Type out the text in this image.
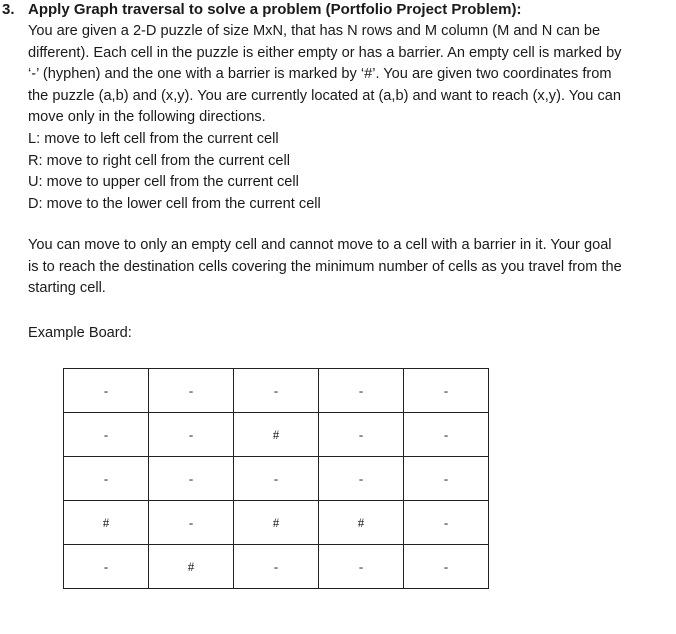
3. Apply Graph traversal to solve a problem (Portfolio Project Problem):
You are given a 2-D puzzle of size MxN, that has N rows and M column (M and N can be
different). Each cell in the puzzle is either empty or has a barrier. An empty cell is marked by
‘-’ (hyphen) and the one with a barrier is marked by ‘#’. You are given two coordinates from
the puzzle (a,b) and (x,y). You are currently located at (a,b) and want to reach (x,y). You can
move only in the following directions.
L: move to left cell from the current cell
R: move to right cell from the current cell
U: move to upper cell from the current cell
D: move to the lower cell from the current cell
You can move to only an empty cell and cannot move to a cell with a barrier in it. Your goal
is to reach the destination cells covering the minimum number of cells as you travel from the
starting cell.
Example Board:
-	-	-	-	-
-	-	#	-	-
-	-	-	-	-
#	-	#	#	-
-	#	-	-	-
